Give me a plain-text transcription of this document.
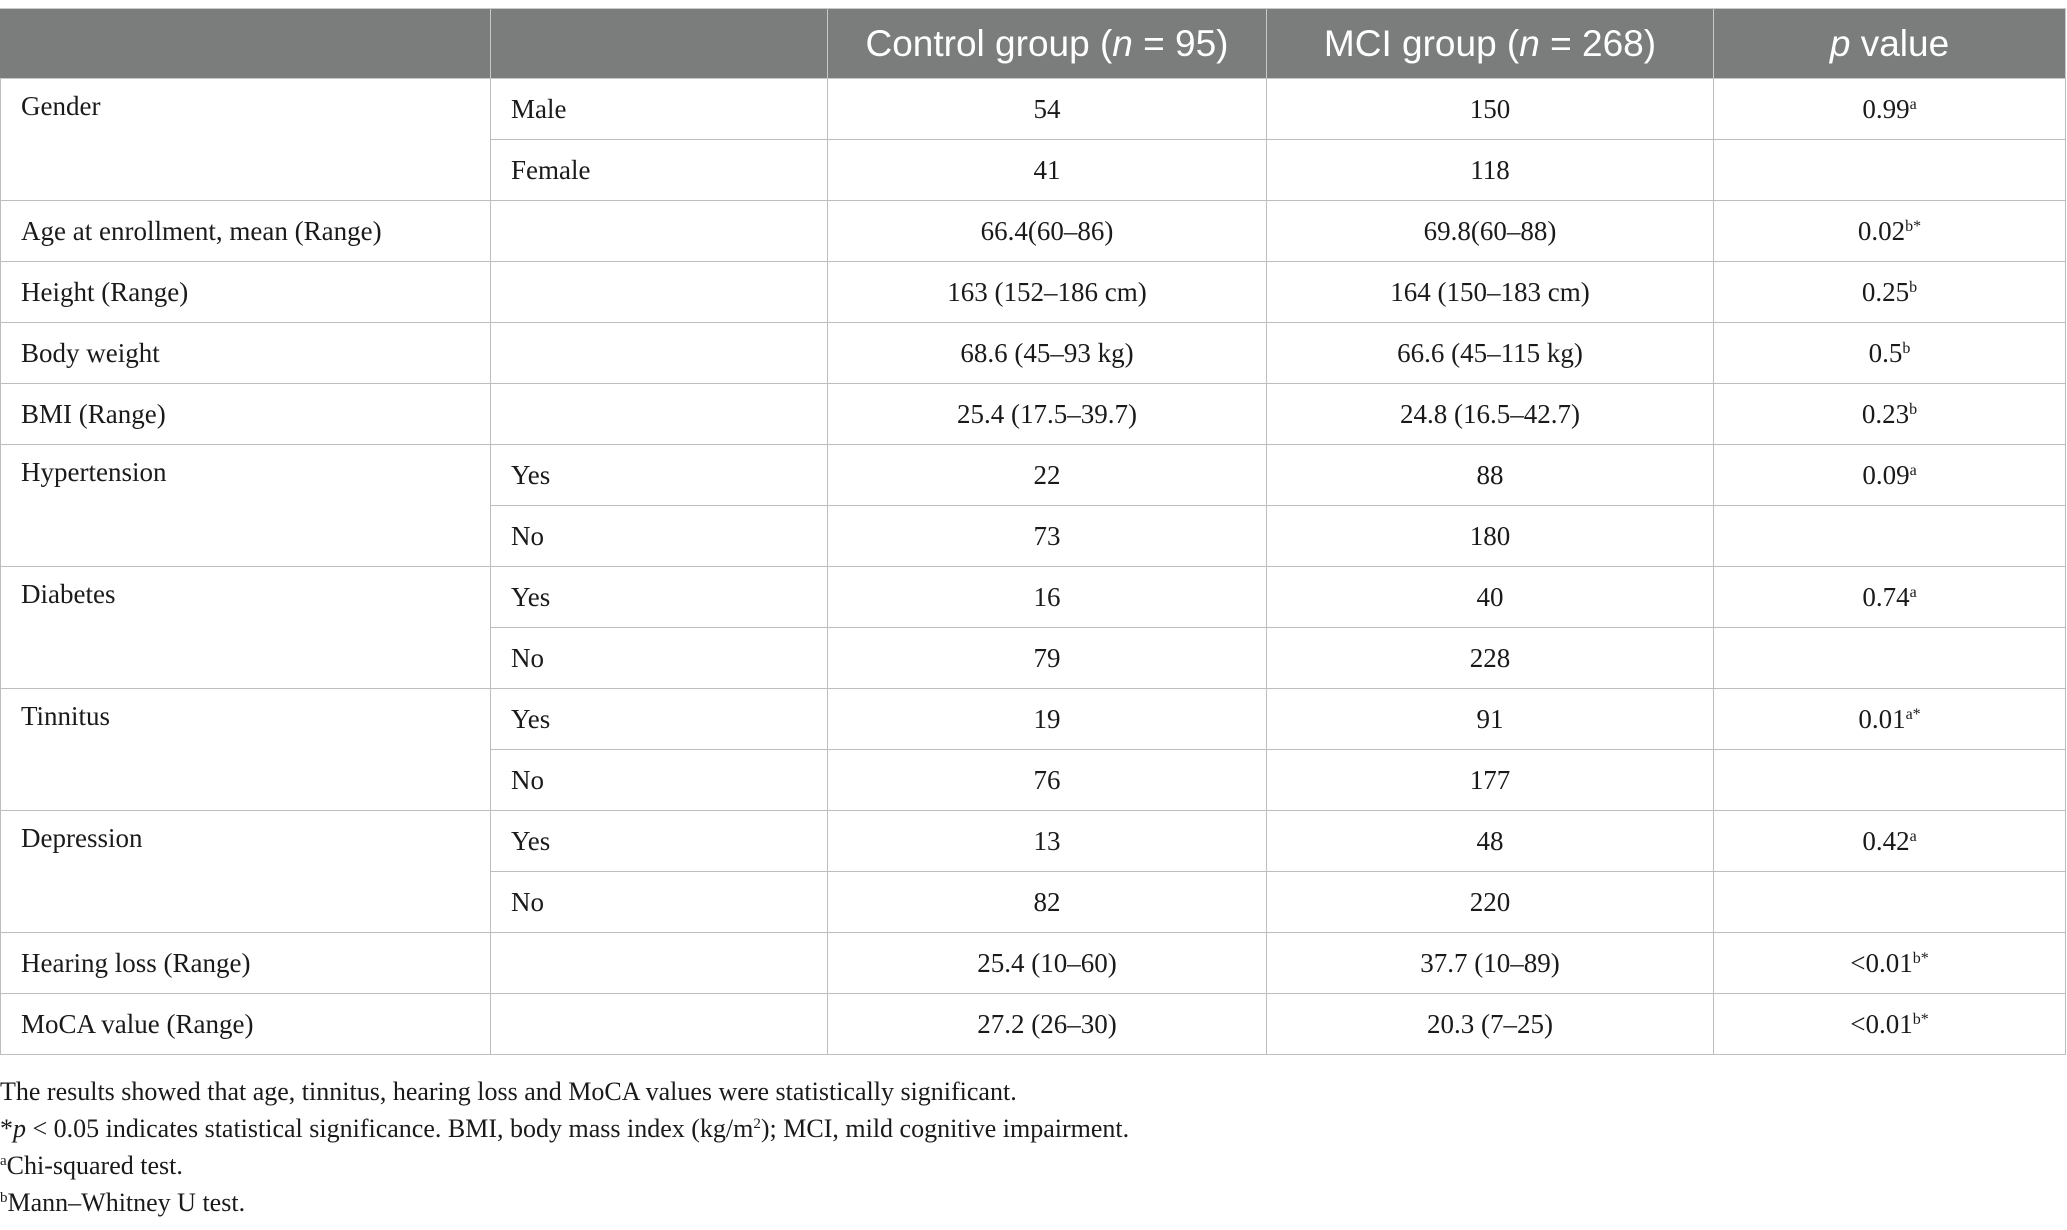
		Control group (n = 95)	MCI group (n = 268)	p value
Gender	Male	54	150	0.99$^a$
	Female	41	118	
Age at enrollment, mean (Range)		66.4(60–86)	69.8(60–88)	$0.02^{b*}$
Height (Range)		163 (152–186 cm)	164 (150–183 cm)	0.25$^b$
Body weight		68.6 (45–93 kg)	66.6 (45–115 kg)	0.5$^b$
BMI (Range)		25.4 (17.5–39.7)	24.8 (16.5–42.7)	0.23$^b$
Hypertension	Yes	22	88	0.09$^a$
	No	73	180	
Diabetes	Yes	16	40	0.74$^a$
	No	79	228	
Tinnitus	Yes	19	91	$0.01^{a*}$
	No	76	177	
Depression	Yes	13	48	0.42$^a$
	No	82	220	
Hearing loss (Range)		25.4 (10–60)	37.7 (10–89)	$<0.01^{b*}$
MoCA value (Range)		27.2 (26–30)	20.3 (7–25)	$<0.01^{b*}$

The results showed that age, tinnitus, hearing loss and MoCA values were statistically significant.

*p < 0.05 indicates statistical significance. BMI, body mass index $(kg/m^2)$; MCI, mild cognitive impairment.

$^a$Chi-squared test.

$^b$Mann–Whitney U test.
